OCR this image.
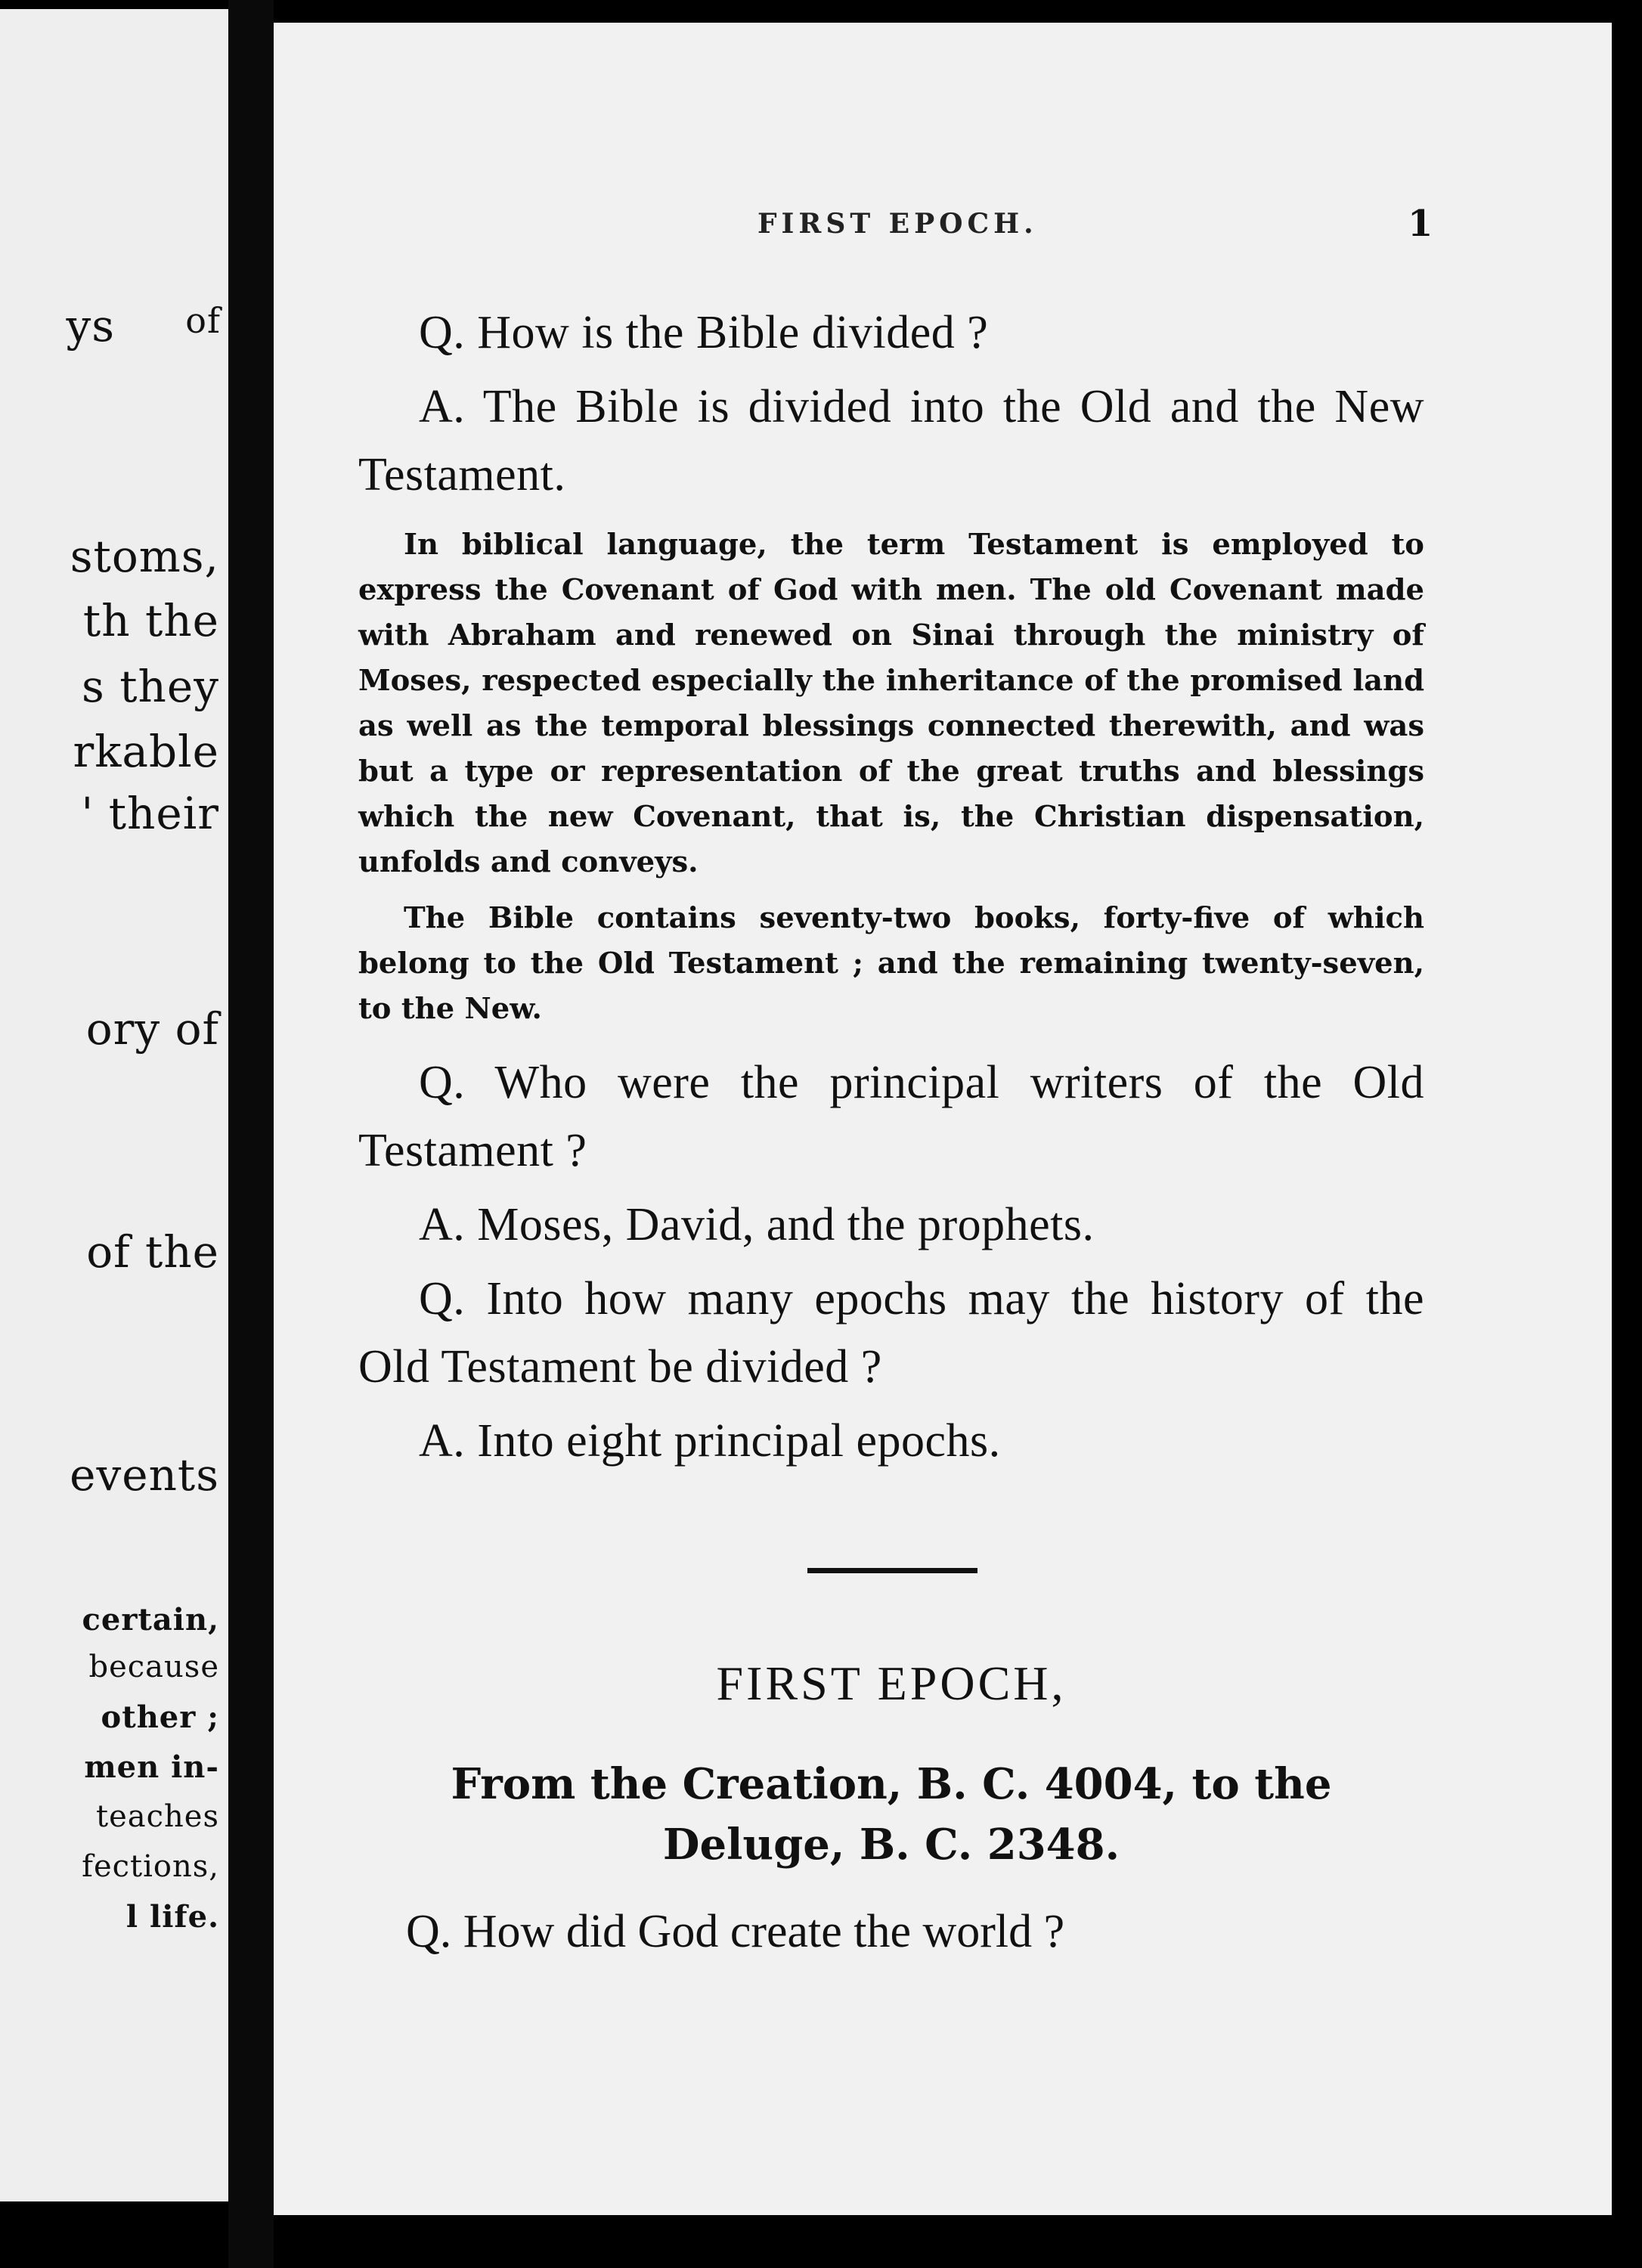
ys of
stoms,
th the
s they
rkable
' their
ory of
of the
events
certain,
because
other ;
men in-
teaches
fections,
l life.
FIRST EPOCH.	1

Q. How is the Bible divided ?

A. The Bible is divided into the Old and the New Testament.

In biblical language, the term Testament is employed to express the Covenant of God with men. The old Covenant made with Abraham and renewed on Sinai through the ministry of Moses, respected especially the inheritance of the promised land as well as the temporal blessings connected therewith, and was but a type or representation of the great truths and blessings which the new Covenant, that is, the Christian dispensation, unfolds and conveys.

The Bible contains seventy-two books, forty-five of which belong to the Old Testament ; and the remaining twenty-seven, to the New.

Q. Who were the principal writers of the Old Testament ?

A. Moses, David, and the prophets.

Q. Into how many epochs may the history of the Old Testament be divided ?

A. Into eight principal epochs.

FIRST EPOCH,
From the Creation, B. C. 4004, to the
Deluge, B. C. 2348.
Q. How did God create the world ?
